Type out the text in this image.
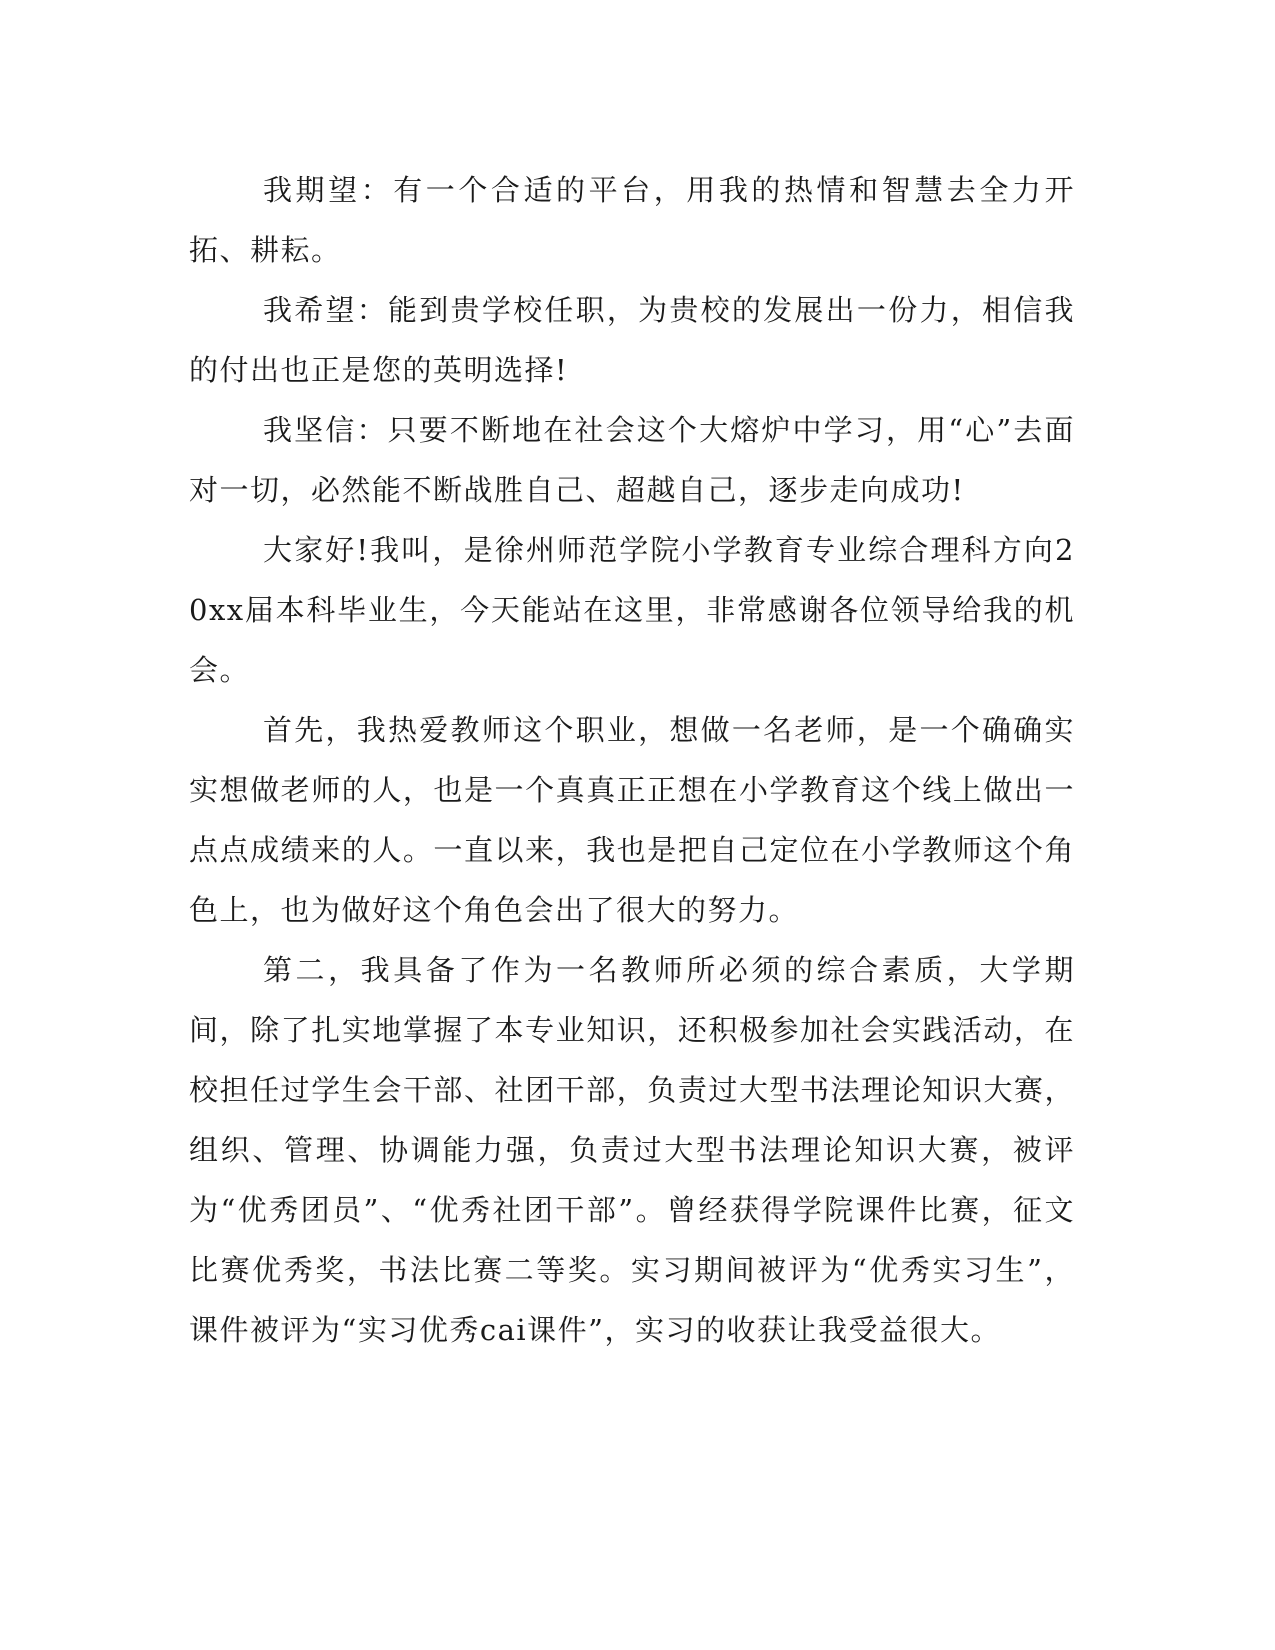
我期望：有一个合适的平台，用我的热情和智慧去全力开拓、耕耘。

我希望：能到贵学校任职，为贵校的发展出一份力，相信我的付出也正是您的英明选择!

我坚信：只要不断地在社会这个大熔炉中学习，用“心”去面对一切，必然能不断战胜自己、超越自己，逐步走向成功!

大家好!我叫，是徐州师范学院小学教育专业综合理科方向20xx届本科毕业生，今天能站在这里，非常感谢各位领导给我的机会。

首先，我热爱教师这个职业，想做一名老师，是一个确确实实想做老师的人，也是一个真真正正想在小学教育这个线上做出一点点成绩来的人。一直以来，我也是把自己定位在小学教师这个角色上，也为做好这个角色会出了很大的努力。

第二，我具备了作为一名教师所必须的综合素质，大学期间，除了扎实地掌握了本专业知识，还积极参加社会实践活动，在校担任过学生会干部、社团干部，负责过大型书法理论知识大赛，组织、管理、协调能力强，负责过大型书法理论知识大赛，被评为“优秀团员”、“优秀社团干部”。曾经获得学院课件比赛，征文比赛优秀奖，书法比赛二等奖。实习期间被评为“优秀实习生”，课件被评为“实习优秀cai课件”，实习的收获让我受益很大。
